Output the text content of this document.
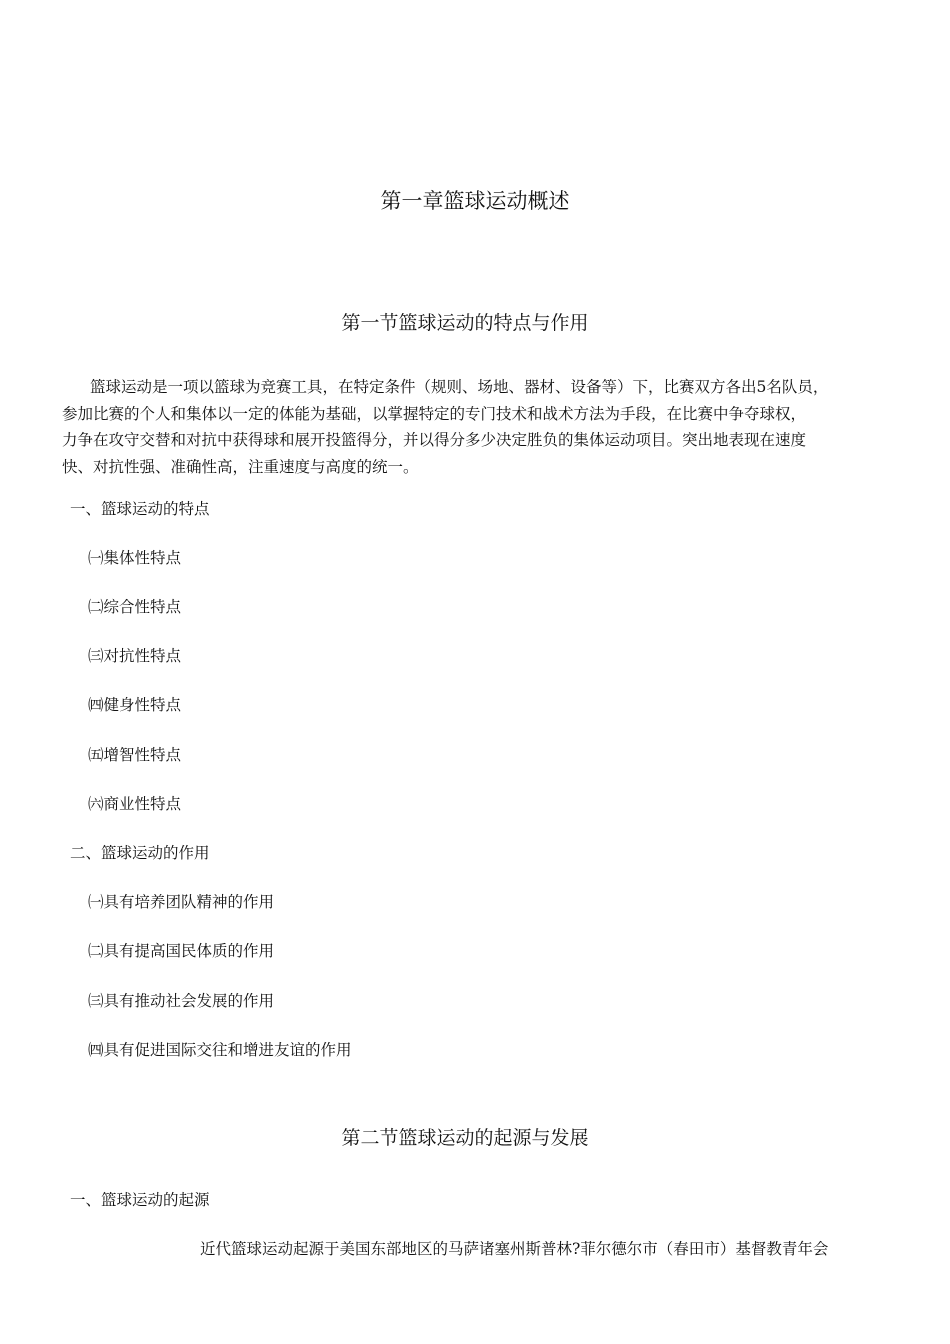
第一章篮球运动概述
第一节篮球运动的特点与作用

篮球运动是一项以篮球为竞赛工具，在特定条件（规则、场地、器材、设备等）下，比赛双方各出5名队员，
参加比赛的个人和集体以一定的体能为基础，以掌握特定的专门技术和战术方法为手段，在比赛中争夺球权，
力争在攻守交替和对抗中获得球和展开投篮得分，并以得分多少决定胜负的集体运动项目。突出地表现在速度
快、对抗性强、准确性高，注重速度与高度的统一。

一、篮球运动的特点

㈠集体性特点

㈡综合性特点

㈢对抗性特点

㈣健身性特点

㈤增智性特点

㈥商业性特点

二、篮球运动的作用

㈠具有培养团队精神的作用

㈡具有提高国民体质的作用

㈢具有推动社会发展的作用

㈣具有促进国际交往和增进友谊的作用

第二节篮球运动的起源与发展

一、篮球运动的起源

近代篮球运动起源于美国东部地区的马萨诸塞州斯普林?菲尔德尔市（春田市）基督教青年会
